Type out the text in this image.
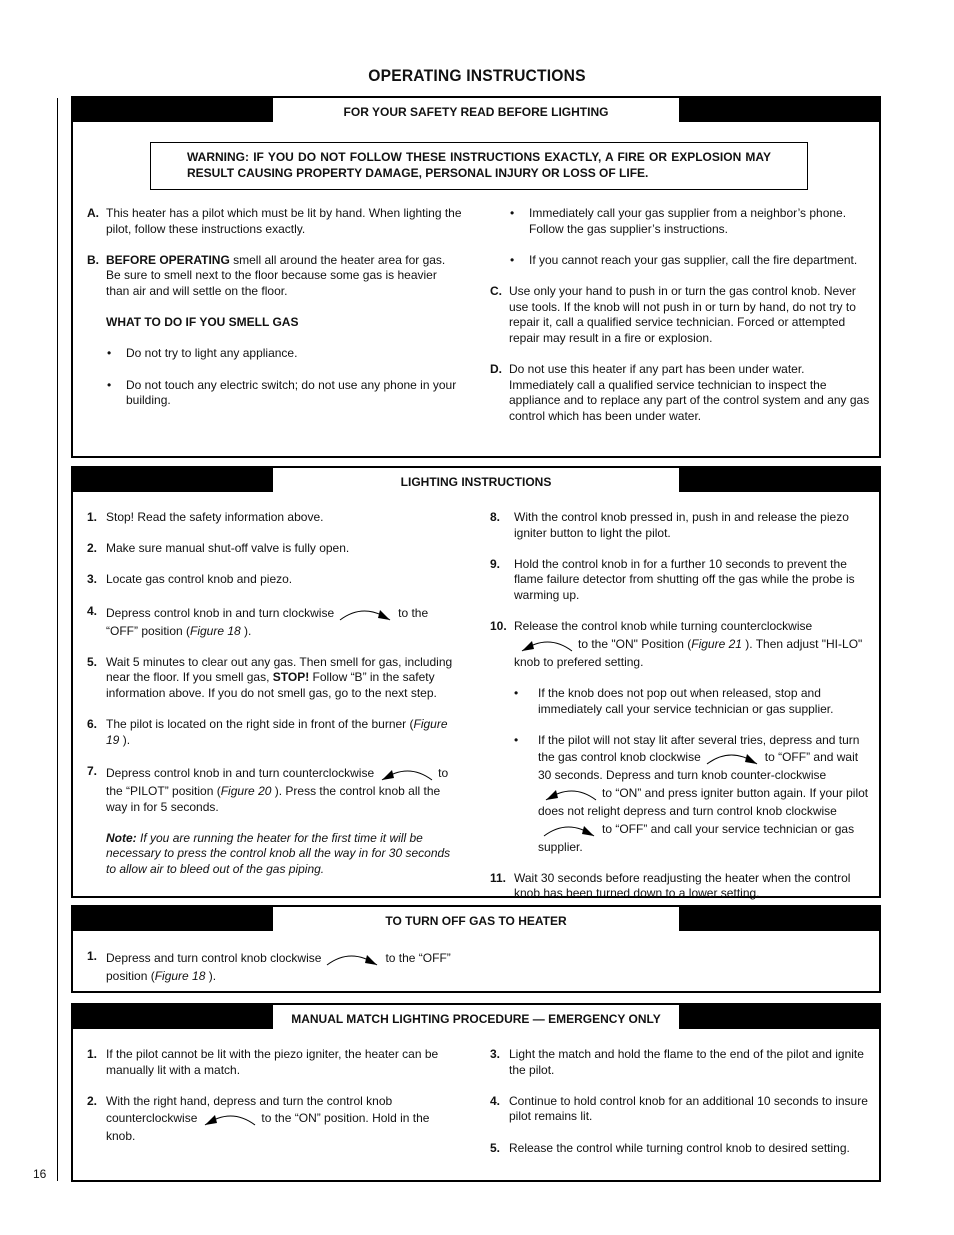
OPERATING INSTRUCTIONS
16
FOR YOUR SAFETY READ BEFORE LIGHTING
WARNING: IF YOU DO NOT FOLLOW THESE INSTRUCTIONS EXACTLY, A FIRE OR EXPLOSION MAY RESULT CAUSING PROPERTY DAMAGE, PERSONAL INJURY OR LOSS OF LIFE.
A. This heater has a pilot which must be lit by hand. When lighting the pilot, follow these instructions exactly.
B. BEFORE OPERATING smell all around the heater area for gas. Be sure to smell next to the floor because some gas is heavier than air and will settle on the floor.
WHAT TO DO IF YOU SMELL GAS
• Do not try to light any appliance.
• Do not touch any electric switch; do not use any phone in your building.
• Immediately call your gas supplier from a neighbor’s phone. Follow the gas supplier’s instructions.
• If you cannot reach your gas supplier, call the fire department.
C. Use only your hand to push in or turn the gas control knob. Never use tools. If the knob will not push in or turn by hand, do not try to repair it, call a qualified service technician. Forced or attempted repair may result in a fire or explosion.
D. Do not use this heater if any part has been under water. Immediately call a qualified service technician to inspect the appliance and to replace any part of the control system and any gas control which has been under water.
LIGHTING INSTRUCTIONS
1. Stop! Read the safety information above.
2. Make sure manual shut-off valve is fully open.
3. Locate gas control knob and piezo.
4. Depress control knob in and turn clockwise	to the “OFF” position (Figure 18 ).
5. Wait 5 minutes to clear out any gas. Then smell for gas, including near the floor. If you smell gas, STOP! Follow “B” in the safety information above. If you do not smell gas, go to the next step.
6. The pilot is located on the right side in front of the burner (Figure 19 ).
7. Depress control knob in and turn counterclockwise	to the “PILOT” position (Figure 20 ). Press the control knob all the way in for 5 seconds.
Note: If you are running the heater for the first time it will be necessary to press the control knob all the way in for 30 seconds to allow air to bleed out of the gas piping.
8. With the control knob pressed in, push in and release the piezo igniter button to light the pilot.
9. Hold the control knob in for a further 10 seconds to prevent the flame failure detector from shutting off the gas while the probe is warming up.
10. Release the control knob while turning counterclockwise
to the "ON" Position (Figure 21 ). Then adjust "HI-LO" knob to prefered setting.
• If the knob does not pop out when released, stop and immediately call your service technician or gas supplier.
• If the pilot will not stay lit after several tries, depress and turn the gas control knob clockwise	to “OFF” and wait 30 seconds. Depress and turn knob counter-clockwise
to “ON” and press igniter button again. If your pilot does not relight depress and turn control knob clockwise
to “OFF” and call your service technician or gas supplier.
11. Wait 30 seconds before readjusting the heater when the control knob has been turned down to a lower setting.
TO TURN OFF GAS TO HEATER
1. Depress and turn control knob clockwise	to the “OFF” position (Figure 18 ).
MANUAL MATCH LIGHTING PROCEDURE — EMERGENCY ONLY
1. If the pilot cannot be lit with the piezo igniter, the heater can be manually lit with a match.
2. With the right hand, depress and turn the control knob counterclockwise	to the “ON” position. Hold in the knob.
3. Light the match and hold the flame to the end of the pilot and ignite the pilot.
4. Continue to hold control knob for an additional 10 seconds to insure pilot remains lit.
5. Release the control while turning control knob to desired setting.
